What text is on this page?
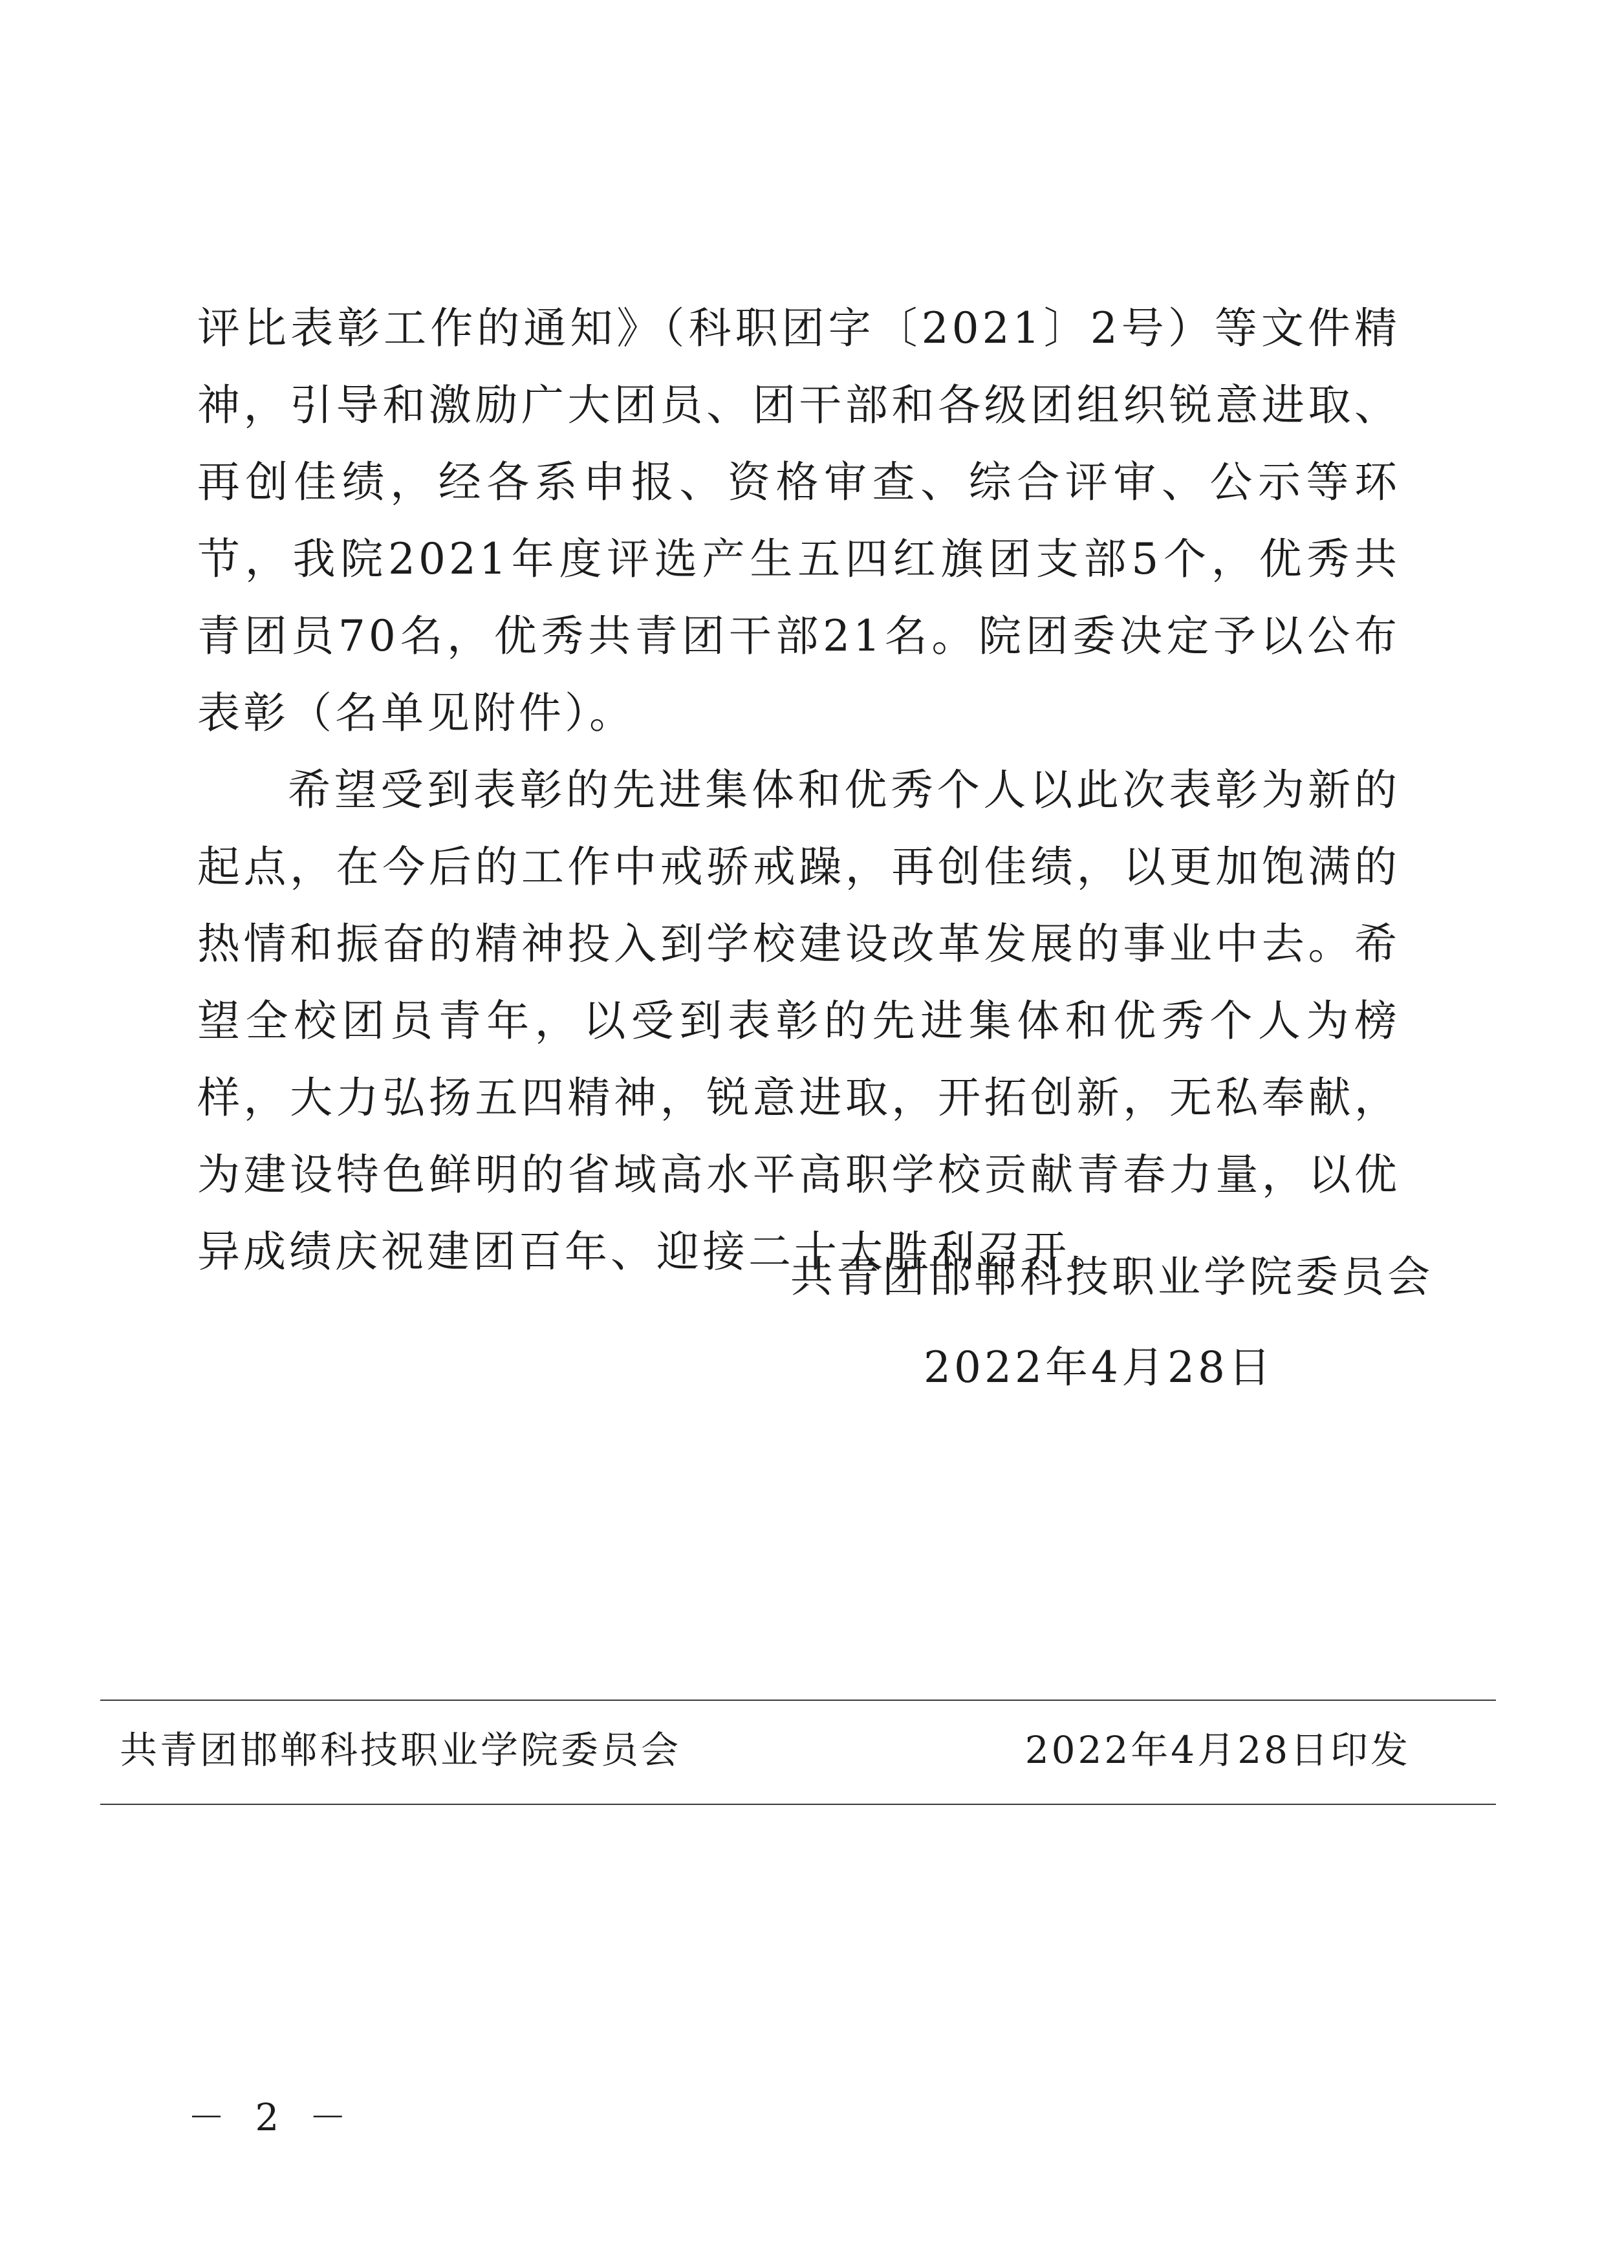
评比表彰工作的通知》（科职团字〔2021〕2号）等文件精神，引导和激励广大团员、团干部和各级团组织锐意进取、再创佳绩，经各系申报、资格审查、综合评审、公示等环节，我院2021年度评选产生五四红旗团支部5个，优秀共青团员70名，优秀共青团干部21名。院团委决定予以公布表彰（名单见附件）。

希望受到表彰的先进集体和优秀个人以此次表彰为新的起点，在今后的工作中戒骄戒躁，再创佳绩，以更加饱满的热情和振奋的精神投入到学校建设改革发展的事业中去。希望全校团员青年，以受到表彰的先进集体和优秀个人为榜样，大力弘扬五四精神，锐意进取，开拓创新，无私奉献，为建设特色鲜明的省域高水平高职学校贡献青春力量，以优异成绩庆祝建团百年、迎接二十大胜利召开。

共青团邯郸科技职业学院委员会
2022年4月28日
共青团邯郸科技职业学院委员会	2022年4月28日印发
－ 2 －
